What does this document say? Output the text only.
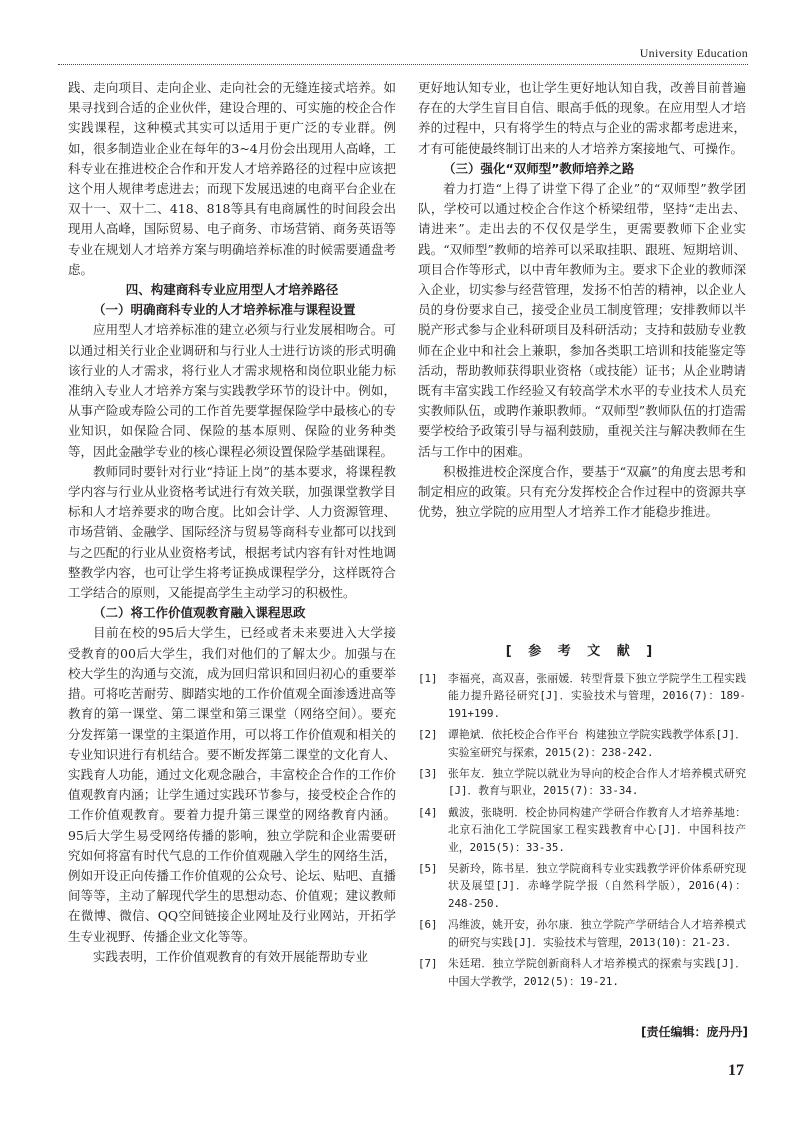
University Education

践、走向项目、走向企业、走向社会的无缝连接式培养。如果寻找到合适的企业伙伴，建设合理的、可实施的校企合作实践课程，这种模式其实可以适用于更广泛的专业群。例如，很多制造业企业在每年的3~4月份会出现用人高峰，工科专业在推进校企合作和开发人才培养路径的过程中应该把这个用人规律考虑进去；而现下发展迅速的电商平台企业在双十一、双十二、418、818等具有电商属性的时间段会出现用人高峰，国际贸易、电子商务、市场营销、商务英语等专业在规划人才培养方案与明确培养标准的时候需要通盘考虑。

四、构建商科专业应用型人才培养路径

（一）明确商科专业的人才培养标准与课程设置

应用型人才培养标准的建立必须与行业发展相吻合。可以通过相关行业企业调研和与行业人士进行访谈的形式明确该行业的人才需求，将行业人才需求规格和岗位职业能力标准纳入专业人才培养方案与实践教学环节的设计中。例如，从事产险或寿险公司的工作首先要掌握保险学中最核心的专业知识，如保险合同、保险的基本原则、保险的业务种类等，因此金融学专业的核心课程必须设置保险学基础课程。

教师同时要针对行业“持证上岗”的基本要求，将课程教学内容与行业从业资格考试进行有效关联，加强课堂教学目标和人才培养要求的吻合度。比如会计学、人力资源管理、市场营销、金融学、国际经济与贸易等商科专业都可以找到与之匹配的行业从业资格考试，根据考试内容有针对性地调整教学内容，也可让学生将考证换成课程学分，这样既符合工学结合的原则，又能提高学生主动学习的积极性。

（二）将工作价值观教育融入课程思政

目前在校的95后大学生，已经或者未来要进入大学接受教育的00后大学生，我们对他们的了解太少。加强与在校大学生的沟通与交流，成为回归常识和回归初心的重要举措。可将吃苦耐劳、脚踏实地的工作价值观全面渗透进高等教育的第一课堂、第二课堂和第三课堂（网络空间）。要充分发挥第一课堂的主渠道作用，可以将工作价值观和相关的专业知识进行有机结合。要不断发挥第二课堂的文化育人、实践育人功能，通过文化观念融合，丰富校企合作的工作价值观教育内涵；让学生通过实践环节参与，接受校企合作的工作价值观教育。要着力提升第三课堂的网络教育内涵。95后大学生易受网络传播的影响，独立学院和企业需要研究如何将富有时代气息的工作价值观融入学生的网络生活，例如开设正向传播工作价值观的公众号、论坛、贴吧、直播间等等，主动了解现代学生的思想动态、价值观；建议教师在微博、微信、QQ空间链接企业网址及行业网站，开拓学生专业视野、传播企业文化等等。

实践表明，工作价值观教育的有效开展能帮助专业

更好地认知专业，也让学生更好地认知自我，改善目前普遍存在的大学生盲目自信、眼高手低的现象。在应用型人才培养的过程中，只有将学生的特点与企业的需求都考虑进来，才有可能使最终制订出来的人才培养方案接地气、可操作。

（三）强化“双师型”教师培养之路

着力打造“上得了讲堂下得了企业”的“双师型”教学团队，学校可以通过校企合作这个桥梁纽带，坚持“走出去、请进来”。走出去的不仅仅是学生，更需要教师下企业实践。“双师型”教师的培养可以采取挂职、跟班、短期培训、项目合作等形式，以中青年教师为主。要求下企业的教师深入企业，切实参与经营管理，发扬不怕苦的精神，以企业人员的身份要求自己，接受企业员工制度管理；安排教师以半脱产形式参与企业科研项目及科研活动；支持和鼓励专业教师在企业中和社会上兼职，参加各类职工培训和技能鉴定等活动，帮助教师获得职业资格（或技能）证书；从企业聘请既有丰富实践工作经验又有较高学术水平的专业技术人员充实教师队伍，或聘作兼职教师。“双师型”教师队伍的打造需要学校给予政策引导与福利鼓励，重视关注与解决教师在生活与工作中的困难。

积极推进校企深度合作，要基于“双赢”的角度去思考和制定相应的政策。只有充分发挥校企合作过程中的资源共享优势，独立学院的应用型人才培养工作才能稳步推进。

[ 参 考 文 献 ]
[1] 李福亮，高双喜，张丽媛．转型背景下独立学院学生工程实践能力提升路径研究[J]．实验技术与管理，2016(7)：189-191+199.
[2] 谭艳斌．依托校企合作平台 构建独立学院实践教学体系[J]．实验室研究与探索，2015(2)：238-242.
[3] 张年友．独立学院以就业为导向的校企合作人才培养模式研究[J]．教育与职业，2015(7)：33-34.
[4] 戴波，张晓明．校企协同构建产学研合作教育人才培养基地：北京石油化工学院国家工程实践教育中心[J]．中国科技产业，2015(5)：33-35.
[5] 吴新玲，陈书星．独立学院商科专业实践教学评价体系研究现状及展望[J]．赤峰学院学报（自然科学版），2016(4)：248-250.
[6] 冯维波，姚开安，孙尔康．独立学院产学研结合人才培养模式的研究与实践[J]．实验技术与管理，2013(10)：21-23.
[7] 朱廷珺．独立学院创新商科人才培养模式的探索与实践[J]．中国大学教学，2012(5)：19-21.
[责任编辑：庞丹丹]
17
